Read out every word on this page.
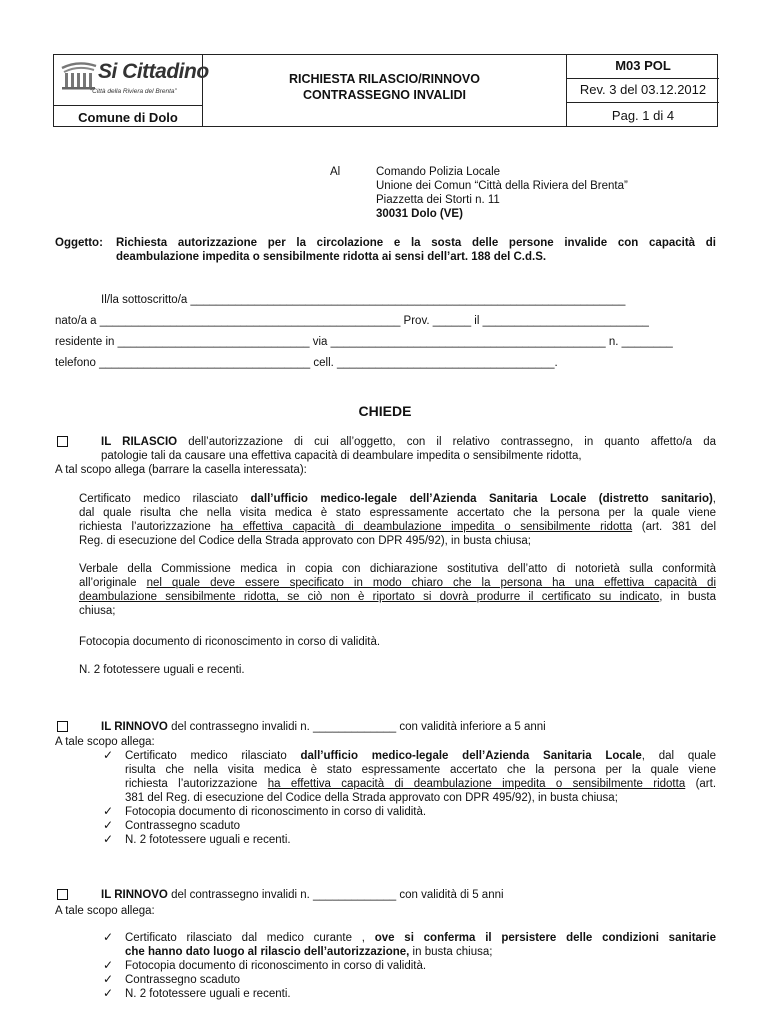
Si Cittadino
“Città della Riviera del Brenta”
Comune di Dolo
RICHIESTA RILASCIO/RINNOVO
CONTRASSEGNO INVALIDI
M03 POL
Rev. 3 del 03.12.2012
Pag. 1 di 4
Al	Comando Polizia Locale
Unione dei Comun “Città della Riviera del Brenta”
Piazzetta dei Storti n. 11
30031 Dolo (VE)
Oggetto: Richiesta autorizzazione per la circolazione e la sosta delle persone invalide con capacità di
deambulazione impedita o sensibilmente ridotta ai sensi dell’art. 188 del C.d.S.
Il/la sottoscritto/a ____________________________________________________________________
nato/a a _______________________________________________ Prov. ______ il __________________________
residente in ______________________________ via ___________________________________________ n. ________
telefono _________________________________ cell. __________________________________.
CHIEDE
IL RILASCIO dell’autorizzazione di cui all’oggetto, con il relativo contrassegno, in quanto affetto/a da
patologie tali da causare una effettiva capacità di deambulare impedita o sensibilmente ridotta,
A tal scopo allega (barrare la casella interessata):
Certificato medico rilasciato dall’ufficio medico-legale dell’Azienda Sanitaria Locale (distretto sanitario),
dal quale risulta che nella visita medica è stato espressamente accertato che la persona per la quale viene
richiesta l’autorizzazione ha effettiva capacità di deambulazione impedita o sensibilmente ridotta (art. 381 del
Reg. di esecuzione del Codice della Strada approvato con DPR 495/92), in busta chiusa;
Verbale della Commissione medica in copia con dichiarazione sostitutiva dell’atto di notorietà sulla conformità
all’originale nel quale deve essere specificato in modo chiaro che la persona ha una effettiva capacità di
deambulazione sensibilmente ridotta, se ciò non è riportato si dovrà produrre il certificato su indicato, in busta
chiusa;
Fotocopia documento di riconoscimento in corso di validità.
N. 2 fototessere uguali e recenti.
IL RINNOVO del contrassegno invalidi n. _____________ con validità inferiore a 5 anni
A tale scopo allega:
✓ Certificato medico rilasciato dall’ufficio medico-legale dell’Azienda Sanitaria Locale, dal quale
risulta che nella visita medica è stato espressamente accertato che la persona per la quale viene
richiesta l’autorizzazione ha effettiva capacità di deambulazione impedita o sensibilmente ridotta (art.
381 del Reg. di esecuzione del Codice della Strada approvato con DPR 495/92), in busta chiusa;
✓ Fotocopia documento di riconoscimento in corso di validità.
✓ Contrassegno scaduto
✓ N. 2 fototessere uguali e recenti.
IL RINNOVO del contrassegno invalidi n. _____________ con validità di 5 anni
A tale scopo allega:
✓ Certificato rilasciato dal medico curante , ove si conferma il persistere delle condizioni sanitarie
che hanno dato luogo al rilascio dell’autorizzazione, in busta chiusa;
✓ Fotocopia documento di riconoscimento in corso di validità.
✓ Contrassegno scaduto
✓ N. 2 fototessere uguali e recenti.
